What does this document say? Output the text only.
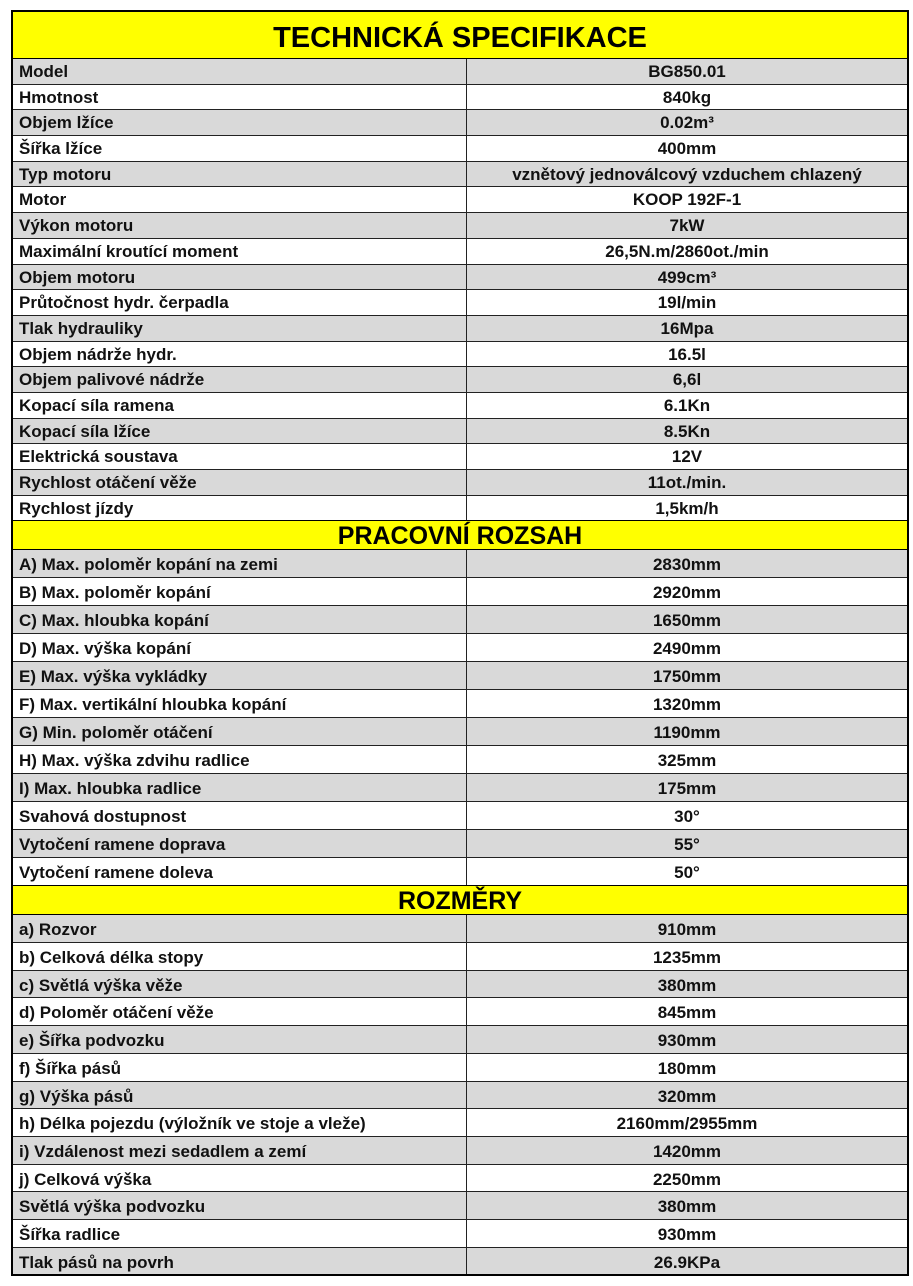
TECHNICKÁ SPECIFIKACE
Model	BG850.01
Hmotnost	840kg
Objem lžíce	0.02m³
Šířka lžíce	400mm
Typ motoru	vznětový jednoválcový vzduchem chlazený
Motor	KOOP 192F-1
Výkon motoru	7kW
Maximální kroutící moment	26,5N.m/2860ot./min
Objem motoru	499cm³
Průtočnost hydr. čerpadla	19l/min
Tlak hydrauliky	16Mpa
Objem nádrže hydr.	16.5l
Objem palivové nádrže	6,6l
Kopací síla ramena	6.1Kn
Kopací síla lžíce	8.5Kn
Elektrická soustava	12V
Rychlost otáčení věže	11ot./min.
Rychlost jízdy	1,5km/h
PRACOVNÍ ROZSAH
A) Max. poloměr kopání na zemi	2830mm
B) Max. poloměr kopání	2920mm
C) Max. hloubka kopání	1650mm
D) Max. výška kopání	2490mm
E) Max. výška vykládky	1750mm
F) Max. vertikální hloubka kopání	1320mm
G) Min. poloměr otáčení	1190mm
H) Max. výška zdvihu radlice	325mm
I) Max. hloubka radlice	175mm
Svahová dostupnost	30°
Vytočení ramene doprava	55°
Vytočení ramene doleva	50°
ROZMĚRY
a) Rozvor	910mm
b) Celková délka stopy	1235mm
c) Světlá výška věže	380mm
d) Poloměr otáčení věže	845mm
e) Šířka podvozku	930mm
f) Šířka pásů	180mm
g) Výška pásů	320mm
h) Délka pojezdu (výložník ve stoje a vleže)	2160mm/2955mm
i) Vzdálenost mezi sedadlem a zemí	1420mm
j) Celková výška	2250mm
Světlá výška podvozku	380mm
Šířka radlice	930mm
Tlak pásů na povrh	26.9KPa
